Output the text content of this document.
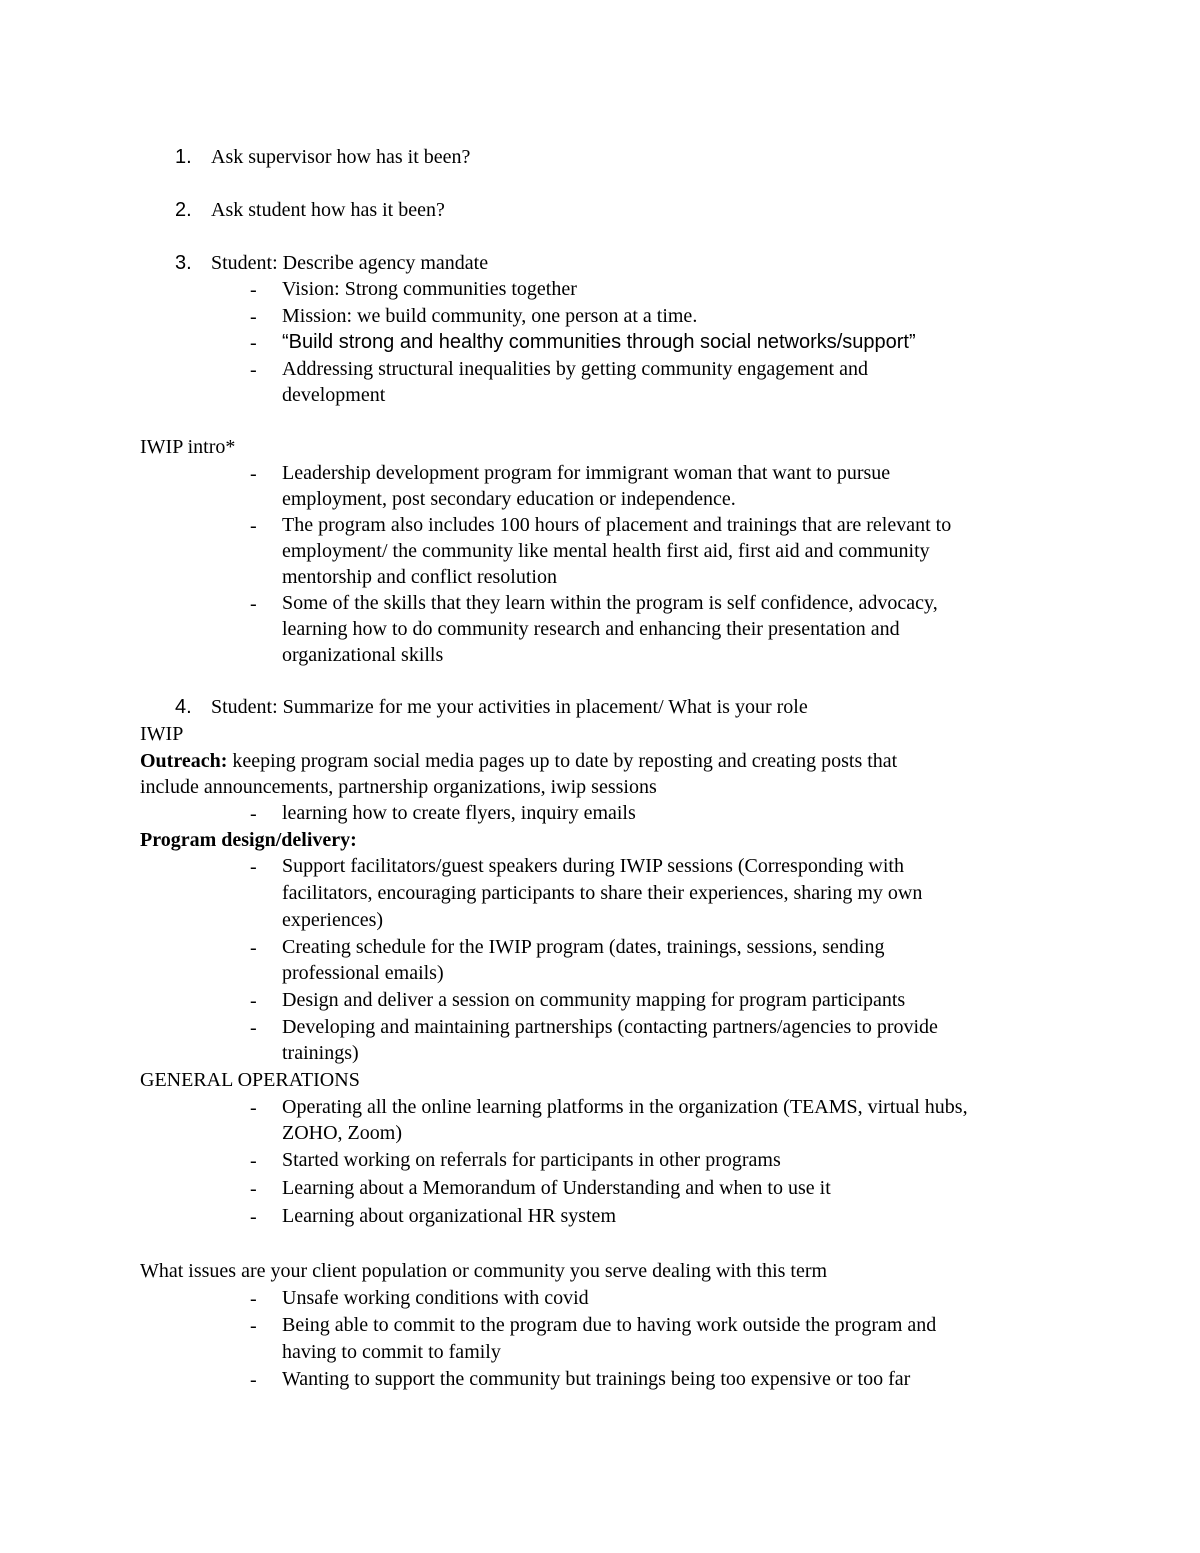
1. Ask supervisor how has it been?
2. Ask student how has it been?
3. Student: Describe agency mandate
- Vision: Strong communities together
- Mission: we build community, one person at a time.
- “Build strong and healthy communities through social networks/support”
- Addressing structural inequalities by getting community engagement and
development
IWIP intro*
- Leadership development program for immigrant woman that want to pursue
employment, post secondary education or independence.
- The program also includes 100 hours of placement and trainings that are relevant to
employment/ the community like mental health first aid, first aid and community
mentorship and conflict resolution
- Some of the skills that they learn within the program is self confidence, advocacy,
learning how to do community research and enhancing their presentation and
organizational skills
4. Student: Summarize for me your activities in placement/ What is your role
IWIP
Outreach: keeping program social media pages up to date by reposting and creating posts that
include announcements, partnership organizations, iwip sessions
- learning how to create flyers, inquiry emails
Program design/delivery:
- Support facilitators/guest speakers during IWIP sessions (Corresponding with
facilitators, encouraging participants to share their experiences, sharing my own
experiences)
- Creating schedule for the IWIP program (dates, trainings, sessions, sending
professional emails)
- Design and deliver a session on community mapping for program participants
- Developing and maintaining partnerships (contacting partners/agencies to provide
trainings)
GENERAL OPERATIONS
- Operating all the online learning platforms in the organization (TEAMS, virtual hubs,
ZOHO, Zoom)
- Started working on referrals for participants in other programs
- Learning about a Memorandum of Understanding and when to use it
- Learning about organizational HR system
What issues are your client population or community you serve dealing with this term
- Unsafe working conditions with covid
- Being able to commit to the program due to having work outside the program and
having to commit to family
- Wanting to support the community but trainings being too expensive or too far
